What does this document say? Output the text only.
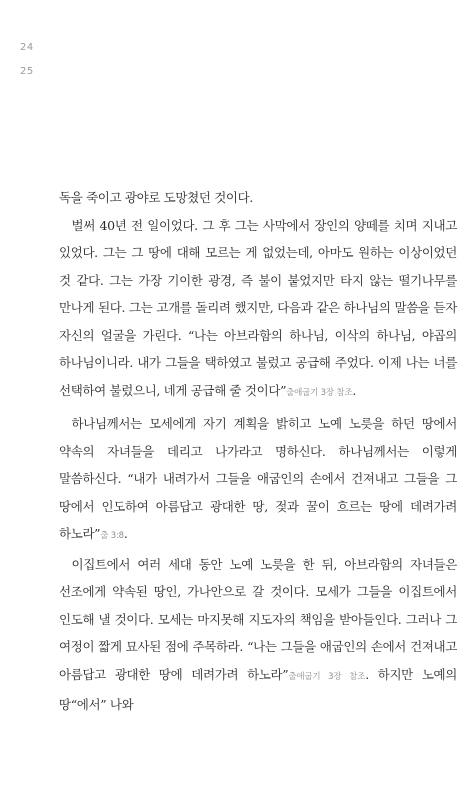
24
25

독을 죽이고 광야로 도망쳤던 것이다.

벌써 40년 전 일이었다. 그 후 그는 사막에서 장인의 양떼를 치며 지내고 있었다. 그는 그 땅에 대해 모르는 게 없었는데, 아마도 원하는 이상이었던 것 같다. 그는 가장 기이한 광경, 즉 불이 붙었지만 타지 않는 떨기나무를 만나게 된다. 그는 고개를 돌리려 했지만, 다음과 같은 하나님의 말씀을 듣자 자신의 얼굴을 가린다. “나는 아브라함의 하나님, 이삭의 하나님, 야곱의 하나님이니라. 내가 그들을 택하였고 불렀고 공급해 주었다. 이제 나는 너를 선택하여 불렀으니, 네게 공급해 줄 것이다”출애굽기 3장 참조.

하나님께서는 모세에게 자기 계획을 밝히고 노예 노릇을 하던 땅에서 약속의 자녀들을 데리고 나가라고 명하신다. 하나님께서는 이렇게 말씀하신다. “내가 내려가서 그들을 애굽인의 손에서 건져내고 그들을 그 땅에서 인도하여 아름답고 광대한 땅, 젖과 꿀이 흐르는 땅에 데려가려 하노라”출 3:8.

이집트에서 여러 세대 동안 노예 노릇을 한 뒤, 아브라함의 자녀들은 선조에게 약속된 땅인, 가나안으로 갈 것이다. 모세가 그들을 이집트에서 인도해 낼 것이다. 모세는 마지못해 지도자의 책임을 받아들인다. 그러나 그 여정이 짧게 묘사된 점에 주목하라. “나는 그들을 애굽인의 손에서 건져내고 아름답고 광대한 땅에 데려가려 하노라”출애굽기 3장 참조. 하지만 노예의 땅“에서” 나와
